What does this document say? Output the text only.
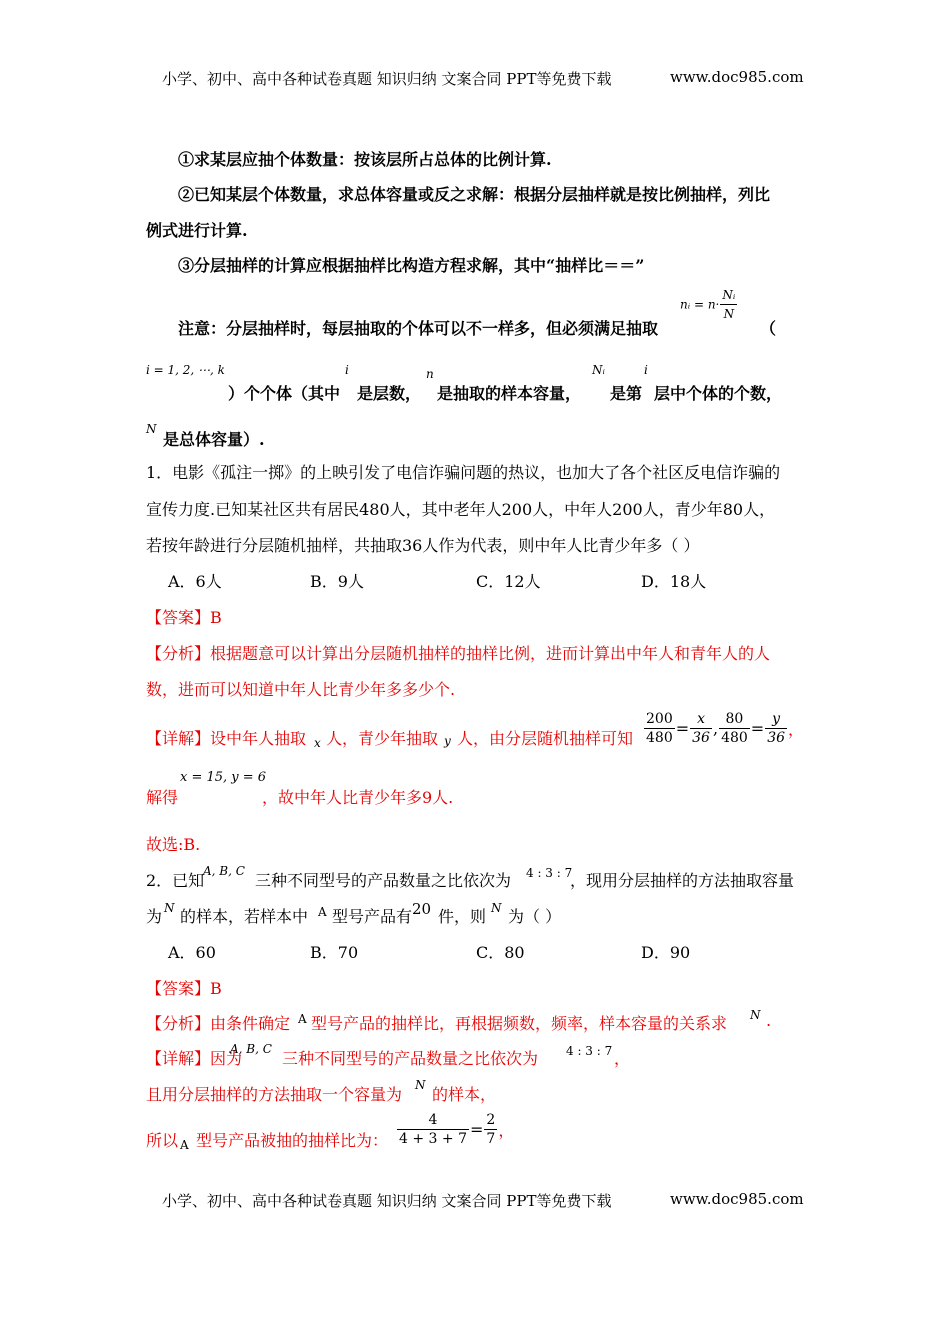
小学、初中、高中各种试卷真题 知识归纳 文案合同 PPT等免费下载	www.doc985.com
①求某层应抽个体数量：按该层所占总体的比例计算.
②已知某层个体数量，求总体容量或反之求解：根据分层抽样就是按比例抽样，列比
例式进行计算.
③分层抽样的计算应根据抽样比构造方程求解，其中“抽样比＝＝”
注意：分层抽样时，每层抽取的个体可以不一样多，但必须满足抽取
nᵢ = $n\cdot \frac{\text{Nᵢ}}{N}$
（
i = 1, 2, ⋯, k
）个个体（其中
i
是层数，
n
是抽取的样本容量，
Nᵢ
是第
i
层中个体的个数，
N
是总体容量）.
1．电影《孤注一掷》的上映引发了电信诈骗问题的热议，也加大了各个社区反电信诈骗的
宣传力度.已知某社区共有居民480人，其中老年人200人，中年人200人，青少年80人，
若按年龄进行分层随机抽样，共抽取36人作为代表，则中年人比青少年多（ ）
A．6人	B．9人	C．12人	D．18人
【答案】B
【分析】根据题意可以计算出分层随机抽样的抽样比例，进而计算出中年人和青年人的人
数，进而可以知道中年人比青少年多多少个.
【详解】设中年人抽取 x 人，青少年抽取 y 人，由分层随机抽样可知 $\frac{200}{480} = \frac{x}{36}$ , $\frac{80}{480} = \frac{y}{36}$ ，
x = 15, y = 6
解得	，故中年人比青少年多9人.
故选:B.
2．已知
A, B, C 三种不同型号的产品数量之比依次为 4 : 3 : 7
，现用分层抽样的方法抽取容量
为 N 的样本，若样本中 A 型号产品有 20 件，则 N 为（ ）
A．60	B．70	C．80	D．90
【答案】B
【分析】由条件确定 A 型号产品的抽样比，再根据频数，频率，样本容量的关系求 N .
【详解】因为
A, B, C 三种不同型号的产品数量之比依次为 4 : 3 : 7 ，
且用分层抽样的方法抽取一个容量为 N 的样本，
所以 A 型号产品被抽的抽样比为： $\frac{4}{4 + 3 + 7} = \frac{2}{7}$ ，
小学、初中、高中各种试卷真题 知识归纳 文案合同 PPT等免费下载	www.doc985.com
